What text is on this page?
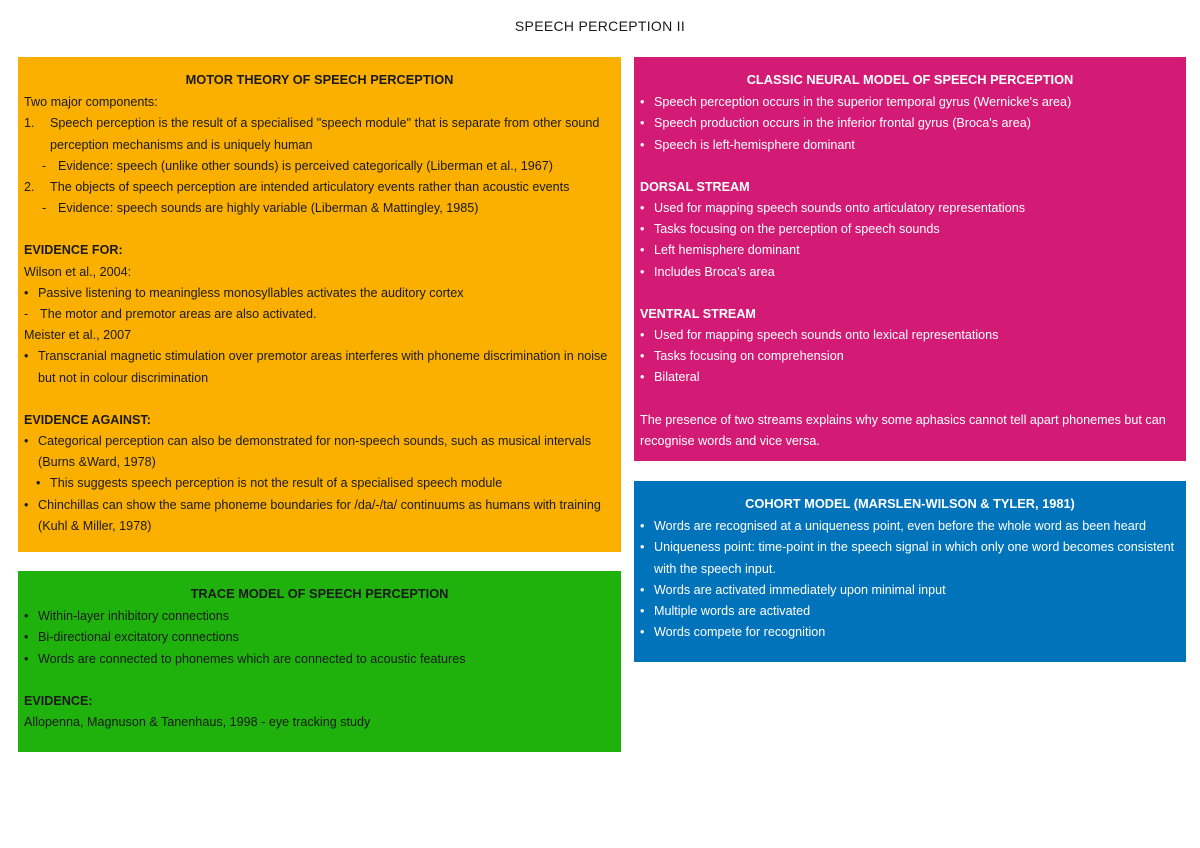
SPEECH PERCEPTION II
MOTOR THEORY OF SPEECH PERCEPTION
Two major components:
1. Speech perception is the result of a specialised "speech module" that is separate from other sound perception mechanisms and is uniquely human
- Evidence: speech (unlike other sounds) is perceived categorically (Liberman et al., 1967)
2. The objects of speech perception are intended articulatory events rather than acoustic events
- Evidence: speech sounds are highly variable (Liberman & Mattingley, 1985)
EVIDENCE FOR:
Wilson et al., 2004:
• Passive listening to meaningless monosyllables activates the auditory cortex
- The motor and premotor areas are also activated.
Meister et al., 2007
• Transcranial magnetic stimulation over premotor areas interferes with phoneme discrimination in noise but not in colour discrimination
EVIDENCE AGAINST:
• Categorical perception can also be demonstrated for non-speech sounds, such as musical intervals (Burns &Ward, 1978)
• This suggests speech perception is not the result of a specialised speech module
• Chinchillas can show the same phoneme boundaries for /da/-/ta/ continuums as humans with training (Kuhl & Miller, 1978)
TRACE MODEL OF SPEECH PERCEPTION
• Within-layer inhibitory connections
• Bi-directional excitatory connections
• Words are connected to phonemes which are connected to acoustic features
EVIDENCE:
Allopenna, Magnuson & Tanenhaus, 1998 - eye tracking study
CLASSIC NEURAL MODEL OF SPEECH PERCEPTION
• Speech perception occurs in the superior temporal gyrus (Wernicke's area)
• Speech production occurs in the inferior frontal gyrus (Broca's area)
• Speech is left-hemisphere dominant
DORSAL STREAM
• Used for mapping speech sounds onto articulatory representations
• Tasks focusing on the perception of speech sounds
• Left hemisphere dominant
• Includes Broca's area
VENTRAL STREAM
• Used for mapping speech sounds onto lexical representations
• Tasks focusing on comprehension
• Bilateral
The presence of two streams explains why some aphasics cannot tell apart phonemes but can recognise words and vice versa.
COHORT MODEL (MARSLEN-WILSON & TYLER, 1981)
• Words are recognised at a uniqueness point, even before the whole word as been heard
• Uniqueness point: time-point in the speech signal in which only one word becomes consistent with the speech input.
• Words are activated immediately upon minimal input
• Multiple words are activated
• Words compete for recognition
